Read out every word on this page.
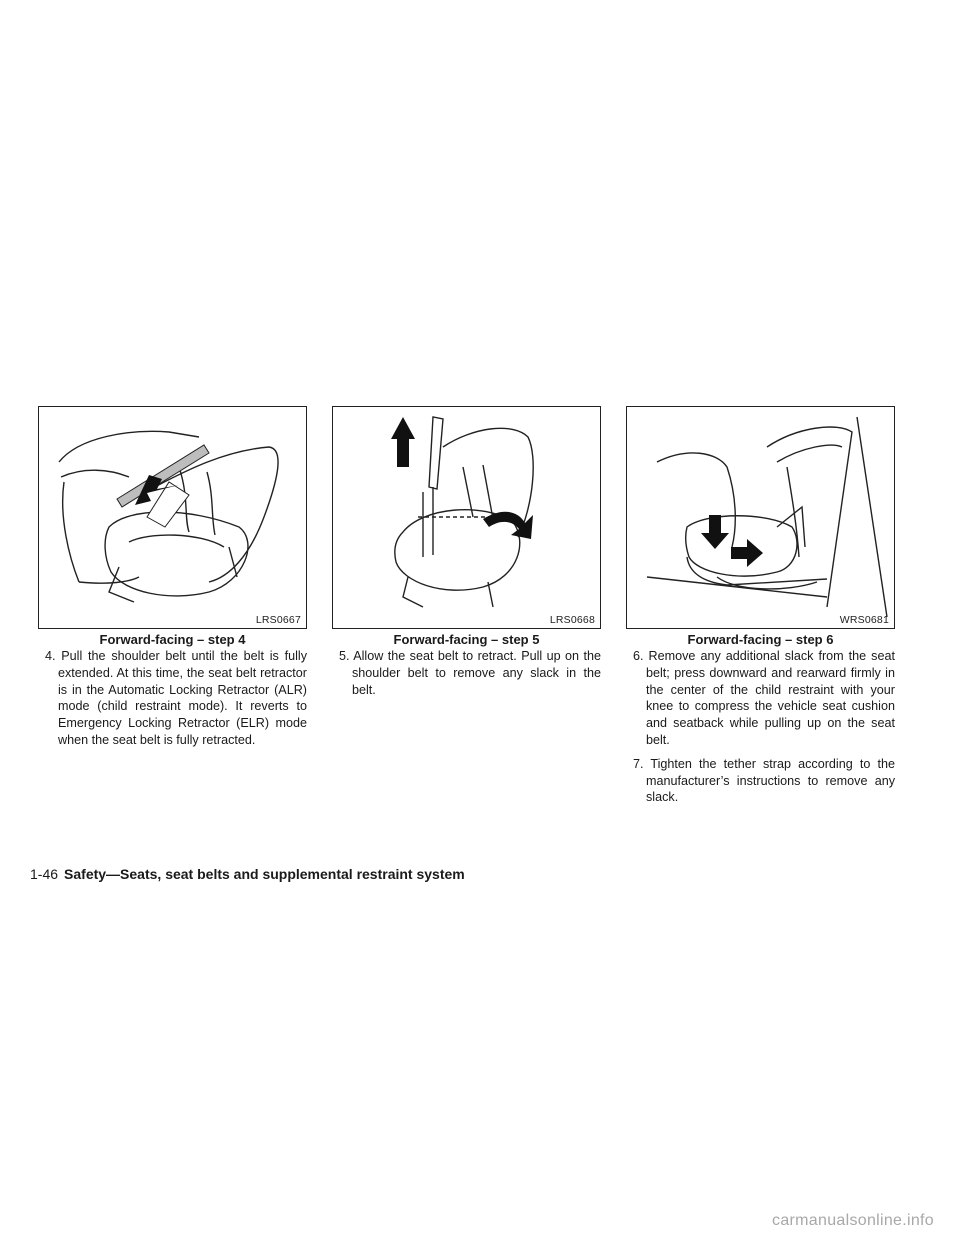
LRS0667
Forward-facing – step 4

4. Pull the shoulder belt until the belt is fully extended. At this time, the seat belt retractor is in the Automatic Locking Retractor (ALR) mode (child restraint mode). It reverts to Emergency Locking Retractor (ELR) mode when the seat belt is fully retracted.

LRS0668
Forward-facing – step 5

5. Allow the seat belt to retract. Pull up on the shoulder belt to remove any slack in the belt.

WRS0681
Forward-facing – step 6

6. Remove any additional slack from the seat belt; press downward and rearward firmly in the center of the child restraint with your knee to compress the vehicle seat cushion and seatback while pulling up on the seat belt.

7. Tighten the tether strap according to the manufacturer’s instructions to remove any slack.

1-46 Safety—Seats, seat belts and supplemental restraint system
carmanualsonline.info
